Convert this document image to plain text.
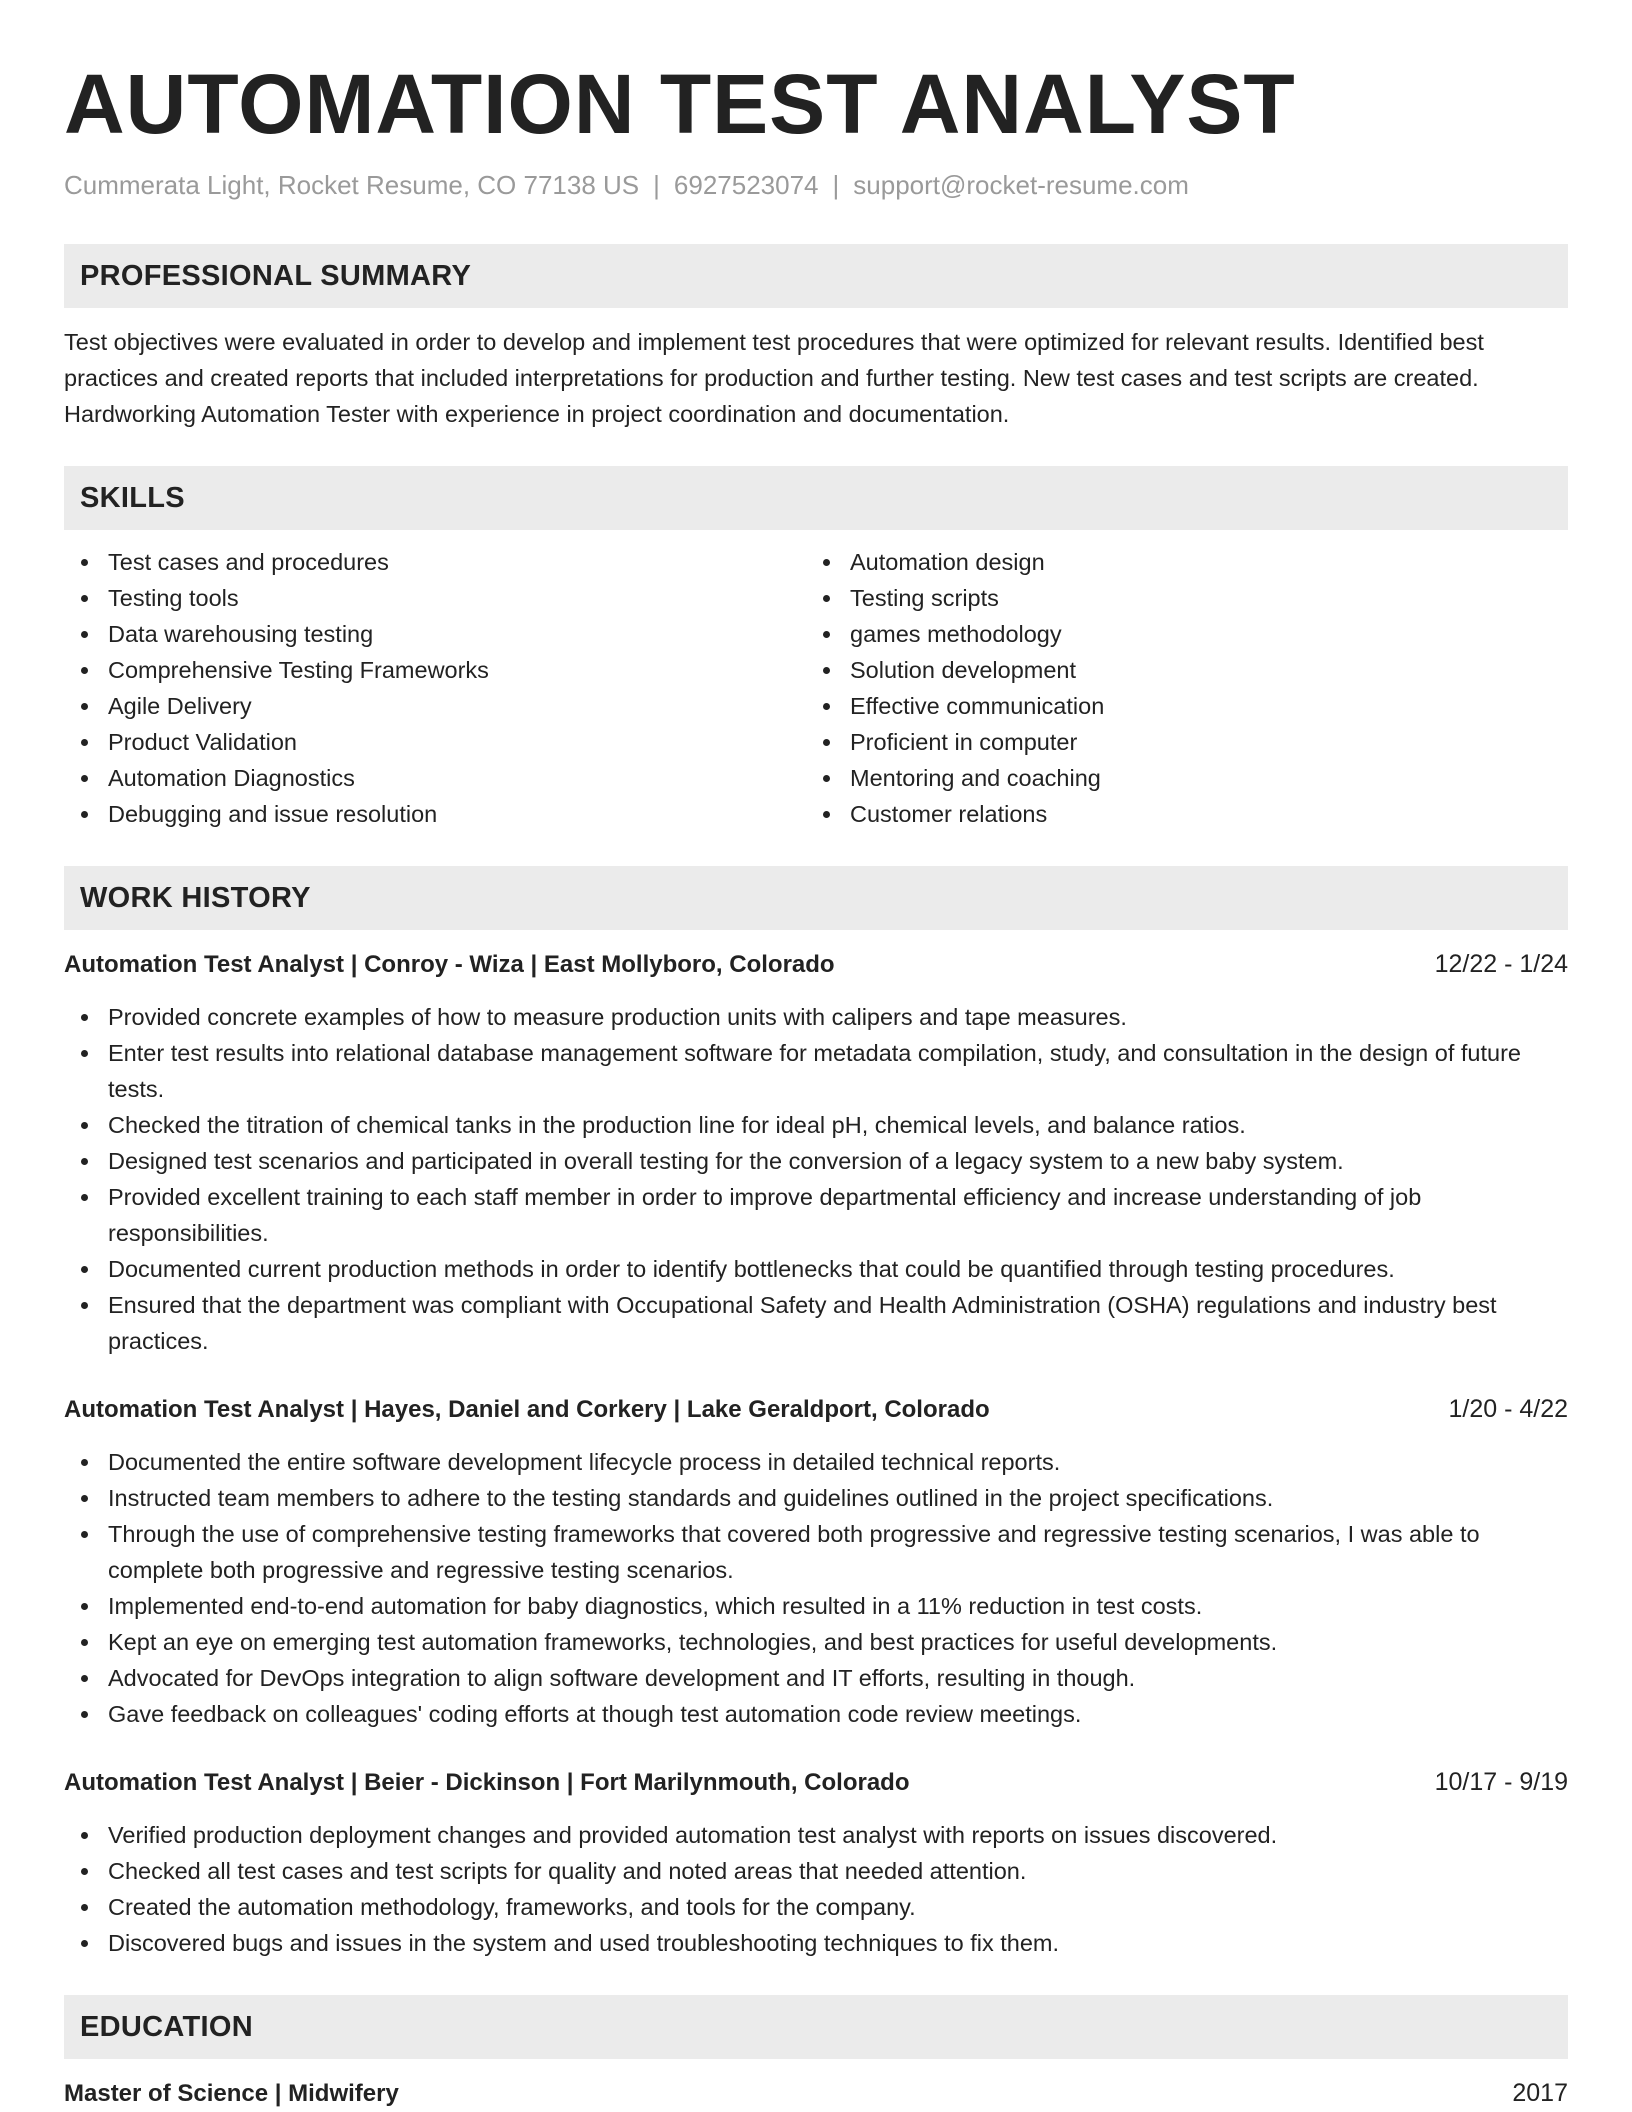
AUTOMATION TEST ANALYST
Cummerata Light, Rocket Resume, CO 77138 US | 6927523074 | support@rocket-resume.com
PROFESSIONAL SUMMARY
Test objectives were evaluated in order to develop and implement test procedures that were optimized for relevant results. Identified best practices and created reports that included interpretations for production and further testing. New test cases and test scripts are created. Hardworking Automation Tester with experience in project coordination and documentation.
SKILLS
Test cases and procedures
Testing tools
Data warehousing testing
Comprehensive Testing Frameworks
Agile Delivery
Product Validation
Automation Diagnostics
Debugging and issue resolution
Automation design
Testing scripts
games methodology
Solution development
Effective communication
Proficient in computer
Mentoring and coaching
Customer relations
WORK HISTORY
Automation Test Analyst | Conroy - Wiza | East Mollyboro, Colorado	12/22 - 1/24
Provided concrete examples of how to measure production units with calipers and tape measures.
Enter test results into relational database management software for metadata compilation, study, and consultation in the design of future tests.
Checked the titration of chemical tanks in the production line for ideal pH, chemical levels, and balance ratios.
Designed test scenarios and participated in overall testing for the conversion of a legacy system to a new baby system.
Provided excellent training to each staff member in order to improve departmental efficiency and increase understanding of job responsibilities.
Documented current production methods in order to identify bottlenecks that could be quantified through testing procedures.
Ensured that the department was compliant with Occupational Safety and Health Administration (OSHA) regulations and industry best practices.
Automation Test Analyst | Hayes, Daniel and Corkery | Lake Geraldport, Colorado	1/20 - 4/22
Documented the entire software development lifecycle process in detailed technical reports.
Instructed team members to adhere to the testing standards and guidelines outlined in the project specifications.
Through the use of comprehensive testing frameworks that covered both progressive and regressive testing scenarios, I was able to complete both progressive and regressive testing scenarios.
Implemented end-to-end automation for baby diagnostics, which resulted in a 11% reduction in test costs.
Kept an eye on emerging test automation frameworks, technologies, and best practices for useful developments.
Advocated for DevOps integration to align software development and IT efforts, resulting in though.
Gave feedback on colleagues' coding efforts at though test automation code review meetings.
Automation Test Analyst | Beier - Dickinson | Fort Marilynmouth, Colorado	10/17 - 9/19
Verified production deployment changes and provided automation test analyst with reports on issues discovered.
Checked all test cases and test scripts for quality and noted areas that needed attention.
Created the automation methodology, frameworks, and tools for the company.
Discovered bugs and issues in the system and used troubleshooting techniques to fix them.
EDUCATION
Master of Science | Midwifery	2017
